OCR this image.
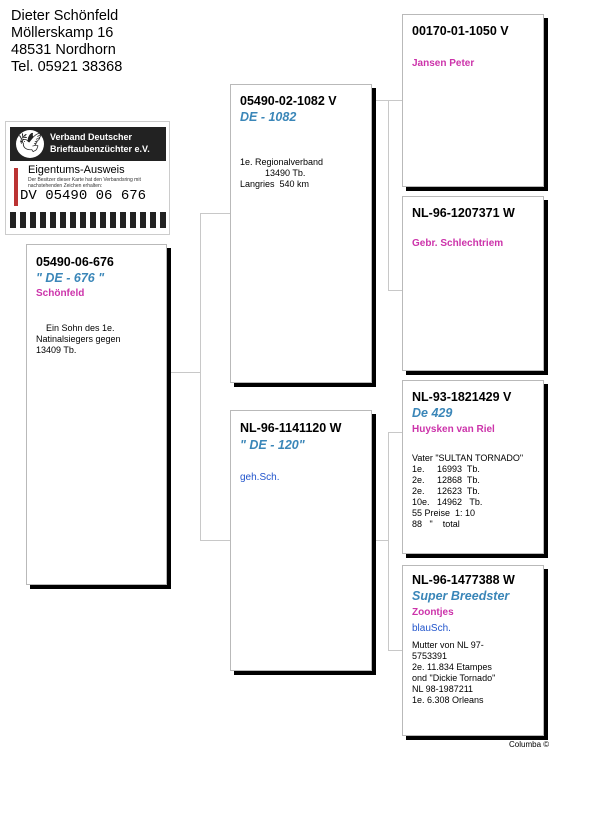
Dieter Schönfeld
Möllerskamp 16
48531 Nordhorn
Tel. 05921 38368
🕊 Verband Deutscher
Brieftaubenzüchter e.V.
Eigentums-Ausweis
Der Besitzer dieser Karte hat den Verbandsring mit nachstehenden Zeichen erhalten:
DV 05490 06 676
05490-06-676
" DE - 676 "
Schönfeld
Ein Sohn des 1e.
Natinalsiegers gegen
13409 Tb.
05490-02-1082 V
DE - 1082
1e. Regionalverband
13490 Tb.
Langries  540 km
NL-96-1141120 W
" DE - 120"
geh.Sch.
00170-01-1050 V
Jansen Peter
NL-96-1207371 W
Gebr. Schlechtriem
NL-93-1821429 V
De 429
Huysken van Riel
Vater "SULTAN TORNADO"
1e.     16993  Tb.
2e.     12868  Tb.
2e.     12623  Tb.
10e.   14962   Tb.
55 Preise  1: 10
88   "    total
NL-96-1477388 W
Super Breedster
Zoontjes
blauSch.
Mutter von NL 97-
5753391
2e. 11.834 Etampes
ond "Dickie Tornado"
NL 98-1987211
1e. 6.308 Orleans
Columba ©
